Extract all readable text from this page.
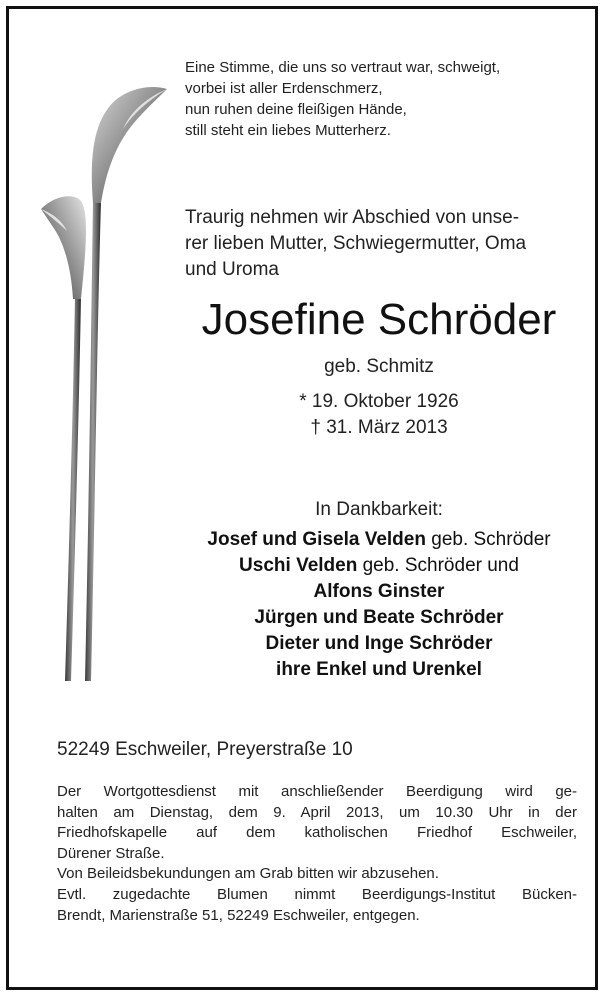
Eine Stimme, die uns so vertraut war, schweigt,
vorbei ist aller Erdenschmerz,
nun ruhen deine fleißigen Hände,
still steht ein liebes Mutterherz.
Traurig nehmen wir Abschied von unse-
rer lieben Mutter, Schwiegermutter, Oma
und Uroma
Josefine Schröder
geb. Schmitz
* 19. Oktober 1926
† 31. März 2013
In Dankbarkeit:
Josef und Gisela Velden geb. Schröder
Uschi Velden geb. Schröder und
Alfons Ginster
Jürgen und Beate Schröder
Dieter und Inge Schröder
ihre Enkel und Urenkel
52249 Eschweiler, Preyerstraße 10
Der Wortgottesdienst mit anschließender Beerdigung wird ge-
halten am Dienstag, dem 9. April 2013, um 10.30 Uhr in der
Friedhofskapelle auf dem katholischen Friedhof Eschweiler,
Dürener Straße.
Von Beileidsbekundungen am Grab bitten wir abzusehen.
Evtl. zugedachte Blumen nimmt Beerdigungs-Institut Bücken-
Brendt, Marienstraße 51, 52249 Eschweiler, entgegen.
